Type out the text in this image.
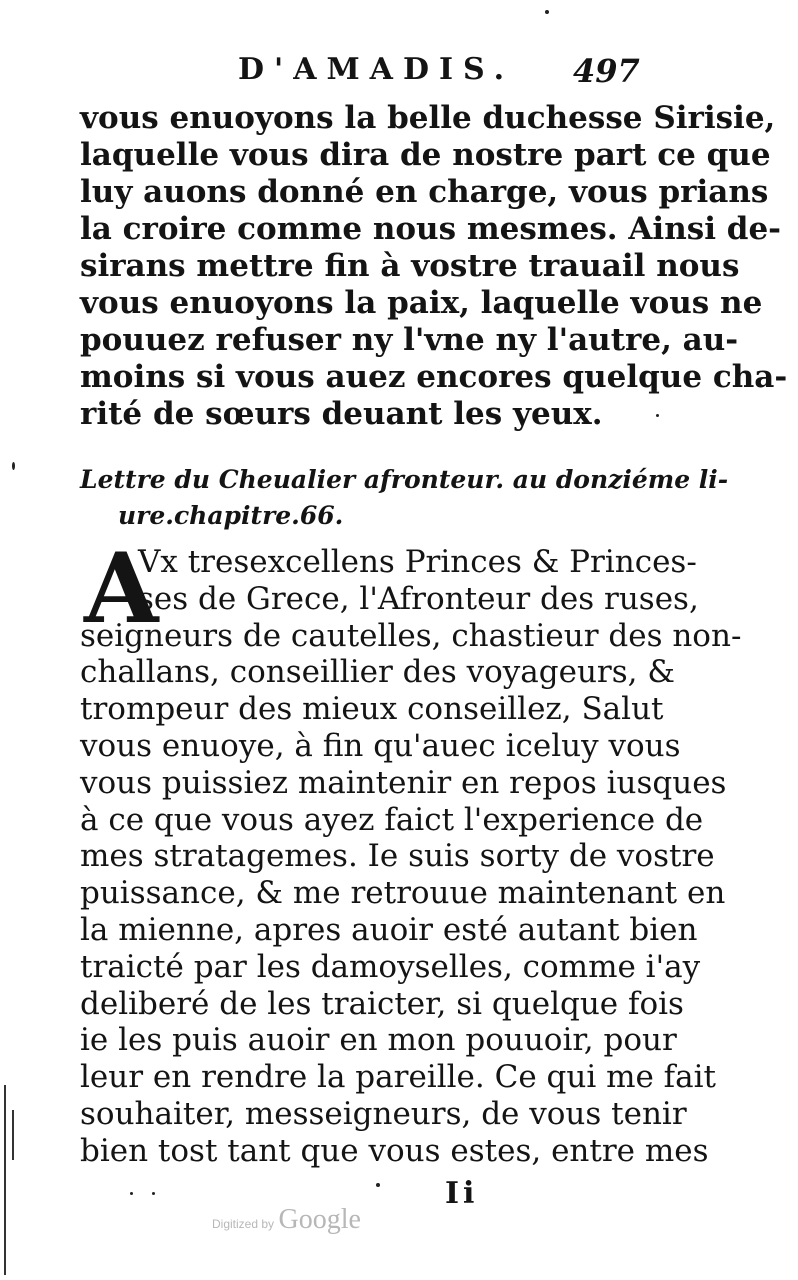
D'AMADIS. 497
vous enuoyons la belle duchesse Sirisie,
laquelle vous dira de nostre part ce que
luy auons donné en charge, vous prians
la croire comme nous mesmes. Ainsi de-
sirans mettre fin à vostre trauail nous
vous enuoyons la paix, laquelle vous ne
pouuez refuser ny l'vne ny l'autre, au-
moins si vous auez encores quelque cha-
rité de sœurs deuant les yeux.
Lettre du Cheualier afronteur. au donziéme li-
ure.chapitre.66.
A
Vx tresexcellens Princes & Princes-
ses de Grece, l'Afronteur des ruses,
seigneurs de cautelles, chastieur des non-
challans, conseillier des voyageurs, &
trompeur des mieux conseillez, Salut
vous enuoye, à fin qu'auec iceluy vous
vous puissiez maintenir en repos iusques
à ce que vous ayez faict l'experience de
mes stratagemes. Ie suis sorty de vostre
puissance, & me retrouue maintenant en
la mienne, apres auoir esté autant bien
traicté par les damoyselles, comme i'ay
deliberé de les traicter, si quelque fois
ie les puis auoir en mon pouuoir, pour
leur en rendre la pareille. Ce qui me fait
souhaiter, messeigneurs, de vous tenir
bien tost tant que vous estes, entre mes
Ii
Digitized by Google
